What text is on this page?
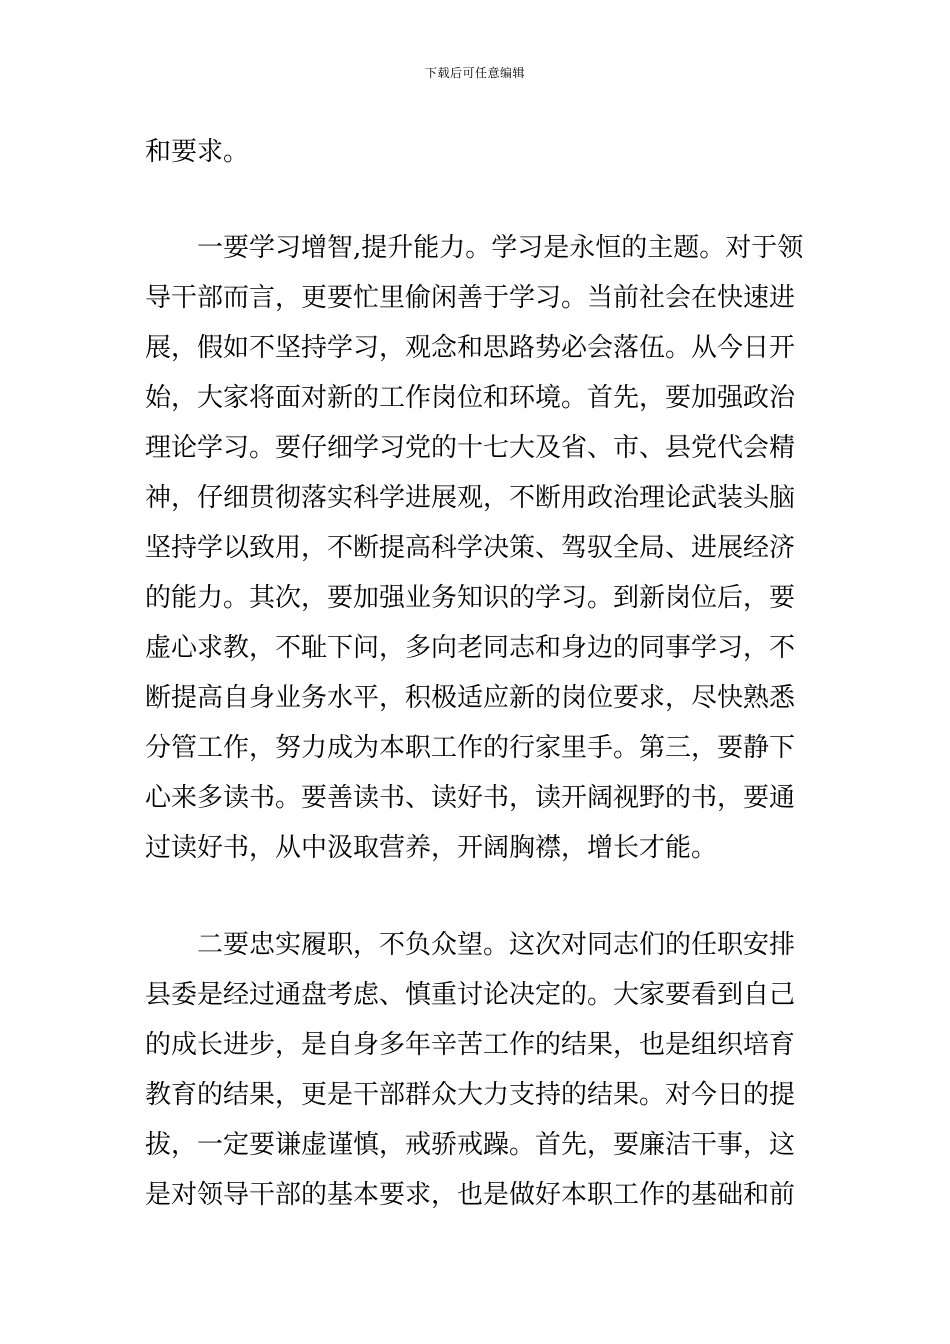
下载后可任意编辑
和要求。
一要学习增智,提升能力。学习是永恒的主题。对于领
导干部而言，更要忙里偷闲善于学习。当前社会在快速进
展，假如不坚持学习，观念和思路势必会落伍。从今日开
始，大家将面对新的工作岗位和环境。首先，要加强政治
理论学习。要仔细学习党的十七大及省、市、县党代会精
神，仔细贯彻落实科学进展观，不断用政治理论武装头脑
坚持学以致用，不断提高科学决策、驾驭全局、进展经济
的能力。其次，要加强业务知识的学习。到新岗位后，要
虚心求教，不耻下问，多向老同志和身边的同事学习，不
断提高自身业务水平，积极适应新的岗位要求，尽快熟悉
分管工作，努力成为本职工作的行家里手。第三，要静下
心来多读书。要善读书、读好书，读开阔视野的书，要通
过读好书，从中汲取营养，开阔胸襟，增长才能。
二要忠实履职，不负众望。这次对同志们的任职安排
县委是经过通盘考虑、慎重讨论决定的。大家要看到自己
的成长进步，是自身多年辛苦工作的结果，也是组织培育
教育的结果，更是干部群众大力支持的结果。对今日的提
拔，一定要谦虚谨慎，戒骄戒躁。首先，要廉洁干事，这
是对领导干部的基本要求，也是做好本职工作的基础和前
